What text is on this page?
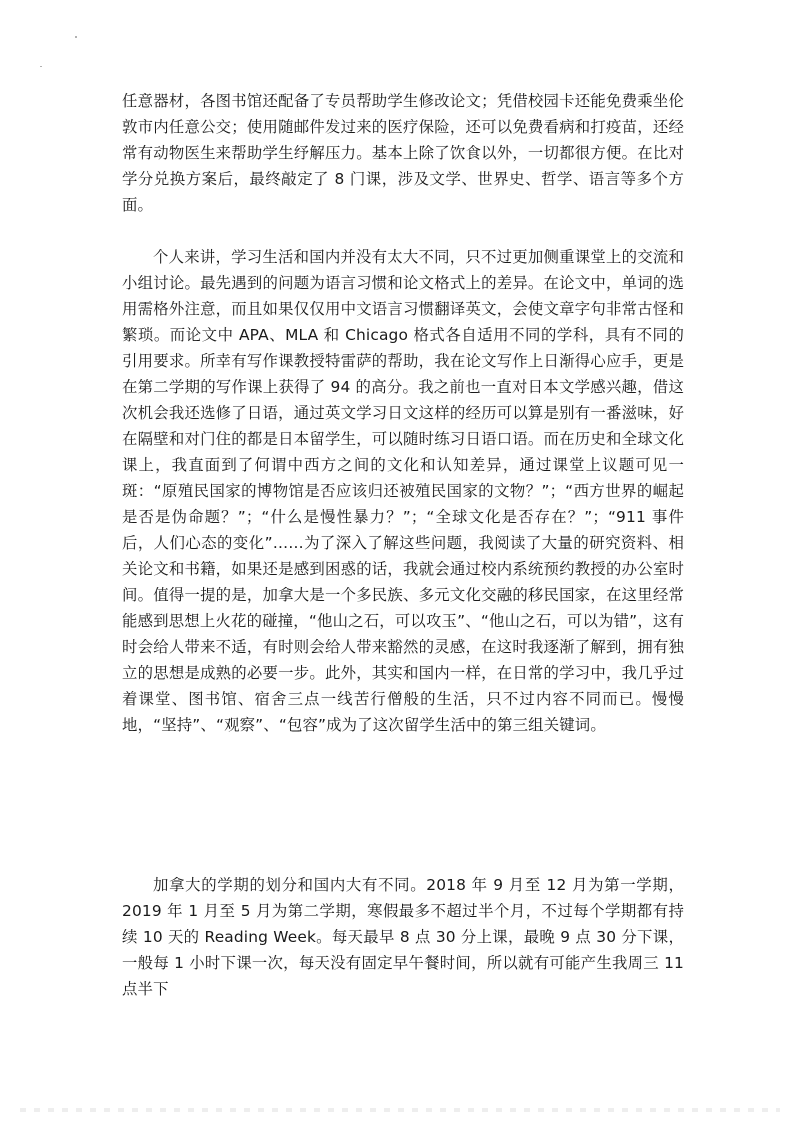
任意器材，各图书馆还配备了专员帮助学生修改论文；凭借校园卡还能免费乘坐伦敦市内任意公交；使用随邮件发过来的医疗保险，还可以免费看病和打疫苗，还经常有动物医生来帮助学生纾解压力。基本上除了饮食以外，一切都很方便。在比对学分兑换方案后，最终敲定了 8 门课，涉及文学、世界史、哲学、语言等多个方面。

个人来讲，学习生活和国内并没有太大不同，只不过更加侧重课堂上的交流和小组讨论。最先遇到的问题为语言习惯和论文格式上的差异。在论文中，单词的选用需格外注意，而且如果仅仅用中文语言习惯翻译英文，会使文章字句非常古怪和繁琐。而论文中 APA、MLA 和 Chicago 格式各自适用不同的学科，具有不同的引用要求。所幸有写作课教授特雷萨的帮助，我在论文写作上日渐得心应手，更是在第二学期的写作课上获得了 94 的高分。我之前也一直对日本文学感兴趣，借这次机会我还选修了日语，通过英文学习日文这样的经历可以算是别有一番滋味，好在隔壁和对门住的都是日本留学生，可以随时练习日语口语。而在历史和全球文化课上，我直面到了何谓中西方之间的文化和认知差异，通过课堂上议题可见一斑：“原殖民国家的博物馆是否应该归还被殖民国家的文物？”；“西方世界的崛起是否是伪命题？”；“什么是慢性暴力？”；“全球文化是否存在？”；“911 事件后，人们心态的变化”……为了深入了解这些问题，我阅读了大量的研究资料、相关论文和书籍，如果还是感到困惑的话，我就会通过校内系统预约教授的办公室时间。值得一提的是，加拿大是一个多民族、多元文化交融的移民国家，在这里经常能感到思想上火花的碰撞，“他山之石，可以攻玉”、“他山之石，可以为错”，这有时会给人带来不适，有时则会给人带来豁然的灵感，在这时我逐渐了解到，拥有独立的思想是成熟的必要一步。此外，其实和国内一样，在日常的学习中，我几乎过着课堂、图书馆、宿舍三点一线苦行僧般的生活，只不过内容不同而已。慢慢地，“坚持”、“观察”、“包容”成为了这次留学生活中的第三组关键词。

加拿大的学期的划分和国内大有不同。2018 年 9 月至 12 月为第一学期，2019 年 1 月至 5 月为第二学期，寒假最多不超过半个月，不过每个学期都有持续 10 天的 Reading Week。每天最早 8 点 30 分上课，最晚 9 点 30 分下课，一般每 1 小时下课一次，每天没有固定早午餐时间，所以就有可能产生我周三 11 点半下
